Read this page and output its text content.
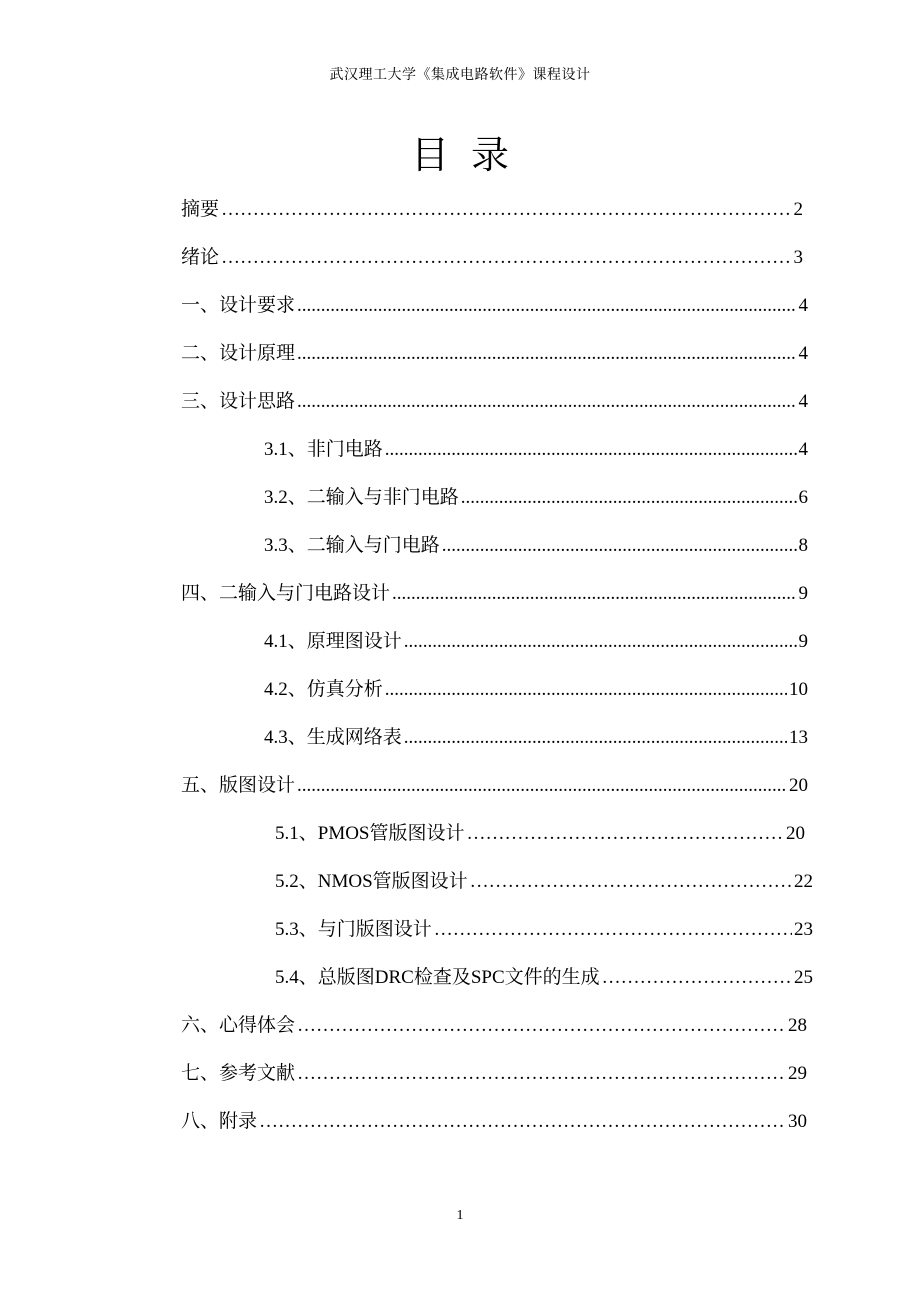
武汉理工大学《集成电路软件》课程设计
目录
摘要 ……………………………………………………………………………………………………………………	2
绪论 ……………………………………………………………………………………………………………………	3
一、设计要求 .....	4
二、设计原理 .....	4
三、设计思路 .....	4
3.1、非门电路 .....	4
3.2、二输入与非门电路 .....	6
3.3、二输入与门电路 .....	8
四、二输入与门电路设计 .....	9
4.1、原理图设计 .....	9
4.2、仿真分析 .....	10
4.3、生成网络表 .....	13
五、版图设计 .....	20
5.1、PMOS管版图设计 ……………………………………………………………………………………………………………………	20
5.2、NMOS管版图设计 ……………………………………………………………………………………………………………………	22
5.3、与门版图设计 ……………………………………………………………………………………………………………………	23
5.4、总版图DRC检查及SPC文件的生成 ……………………………………………………………………………………………………………………	25
六、心得体会 ……………………………………………………………………………………………………………………	28
七、参考文献 ……………………………………………………………………………………………………………………	29
八、附录 ……………………………………………………………………………………………………………………	30
1
